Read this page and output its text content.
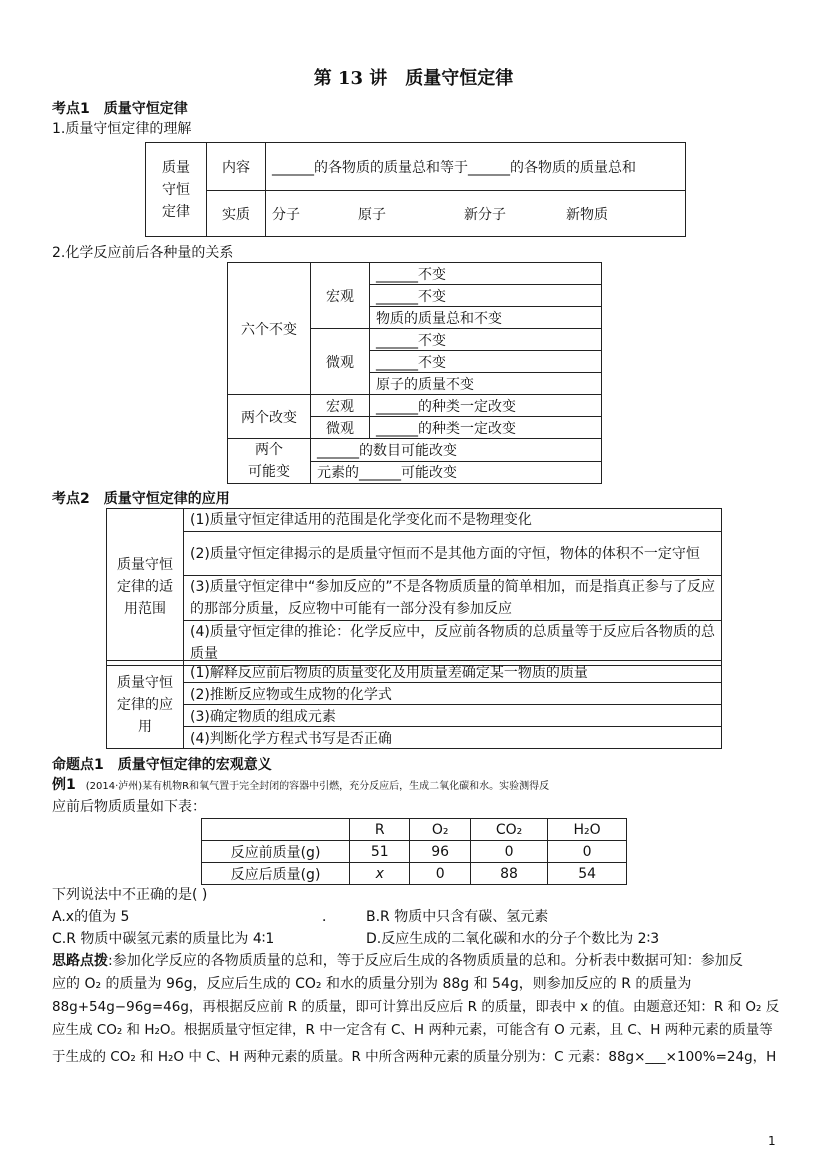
第 13 讲　质量守恒定律
考点1　质量守恒定律
1.质量守恒定律的理解
质量守恒定律	内容	______的各物质的质量总和等于______的各物质的质量总和
	实质	分子 原子 新分子 新物质
2.化学反应前后各种量的关系
六个不变	宏观	______不变
		______不变
		物质的质量总和不变
	微观	______不变
		______不变
		原子的质量不变
两个改变	宏观	______的种类一定改变
	微观	______的种类一定改变

两个
可能变	______的数目可能改变	
	元素的______可能改变	
考点2　质量守恒定律的应用
质量守恒定律的适用范围	(1)质量守恒定律适用的范围是化学变化而不是物理变化
(2)质量守恒定律揭示的是质量守恒而不是其他方面的守恒，物体的体积不一定守恒
(3)质量守恒定律中“参加反应的”不是各物质质量的简单相加，而是指真正参与了反应的那部分质量，反应物中可能有一部分没有参加反应
(4)质量守恒定律的推论：化学反应中，反应前各物质的总质量等于反应后各物质的总质量
质量守恒定律的应用	(1)解释反应前后物质的质量变化及用质量差确定某一物质的质量
(2)推断反应物或生成物的化学式
(3)确定物质的组成元素
(4)判断化学方程式书写是否正确
命题点1　质量守恒定律的宏观意义
例1　(2014·泸州)某有机物R和氧气置于完全封闭的容器中引燃，充分反应后，生成二氧化碳和水。实验测得反
应前后物质质量如下表：
	R	O₂	CO₂	H₂O
反应前质量(g)	51	96	0	0
反应后质量(g)	x	0	88	54
下列说法中不正确的是( )
A.x的值为 5	． B.R 物质中只含有碳、氢元素
C.R 物质中碳氢元素的质量比为 4∶1	D.反应生成的二氧化碳和水的分子个数比为 2∶3
思路点拨:参加化学反应的各物质质量的总和，等于反应后生成的各物质质量的总和。分析表中数据可知：参加反
应的 O₂ 的质量为 96g，反应后生成的 CO₂ 和水的质量分别为 88g 和 54g，则参加反应的 R 的质量为
88g+54g−96g=46g，再根据反应前 R 的质量，即可计算出反应后 R 的质量，即表中 x 的值。由题意还知：R 和 O₂ 反
应生成 CO₂ 和 H₂O。根据质量守恒定律，R 中一定含有 C、H 两种元素，可能含有 O 元素，且 C、H 两种元素的质量等
于生成的 CO₂ 和 H₂O 中 C、H 两种元素的质量。R 中所含两种元素的质量分别为：C 元素：88g×___×100%=24g，H
1
